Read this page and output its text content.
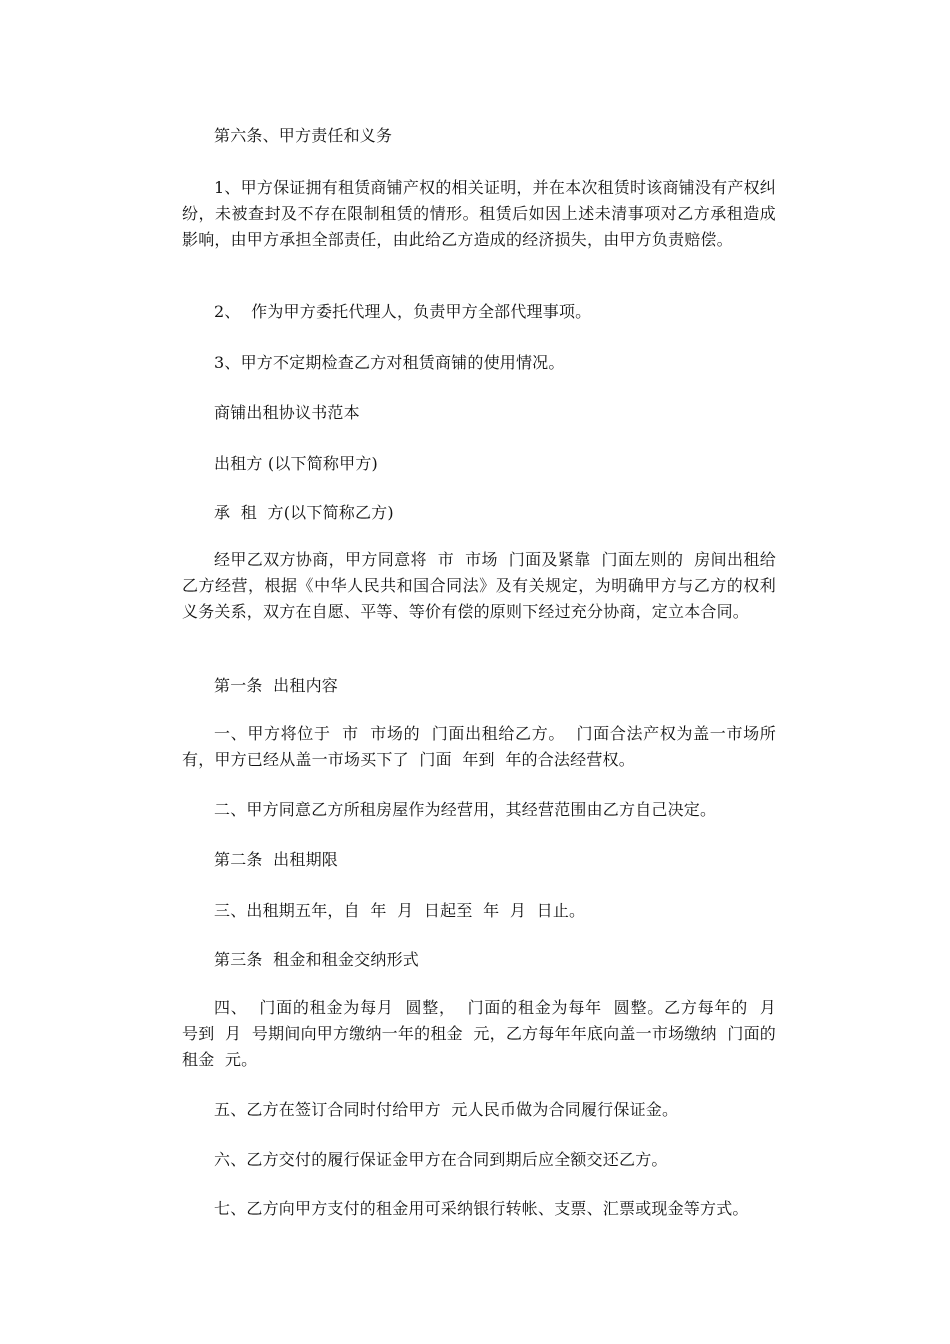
第六条、甲方责任和义务

1、甲方保证拥有租赁商铺产权的相关证明，并在本次租赁时该商铺没有产权纠纷，未被查封及不存在限制租赁的情形。租赁后如因上述未清事项对乙方承租造成影响，由甲方承担全部责任，由此给乙方造成的经济损失，由甲方负责赔偿。

2、  作为甲方委托代理人，负责甲方全部代理事项。

3、甲方不定期检查乙方对租赁商铺的使用情况。

商铺出租协议书范本

出租方 (以下简称甲方)

承  租  方(以下简称乙方)

经甲乙双方协商，甲方同意将  市  市场  门面及紧靠  门面左则的  房间出租给乙方经营，根据《中华人民共和国合同法》及有关规定，为明确甲方与乙方的权利义务关系，双方在自愿、平等、等价有偿的原则下经过充分协商，定立本合同。

第一条  出租内容

一、甲方将位于  市  市场的  门面出租给乙方。  门面合法产权为盖一市场所有，甲方已经从盖一市场买下了  门面  年到  年的合法经营权。

二、甲方同意乙方所租房屋作为经营用，其经营范围由乙方自己决定。

第二条  出租期限

三、出租期五年，自  年  月  日起至  年  月  日止。

第三条  租金和租金交纳形式

四、  门面的租金为每月  圆整，  门面的租金为每年  圆整。乙方每年的  月  号到  月  号期间向甲方缴纳一年的租金  元，乙方每年年底向盖一市场缴纳  门面的租金  元。

五、乙方在签订合同时付给甲方  元人民币做为合同履行保证金。

六、乙方交付的履行保证金甲方在合同到期后应全额交还乙方。

七、乙方向甲方支付的租金用可采纳银行转帐、支票、汇票或现金等方式。
